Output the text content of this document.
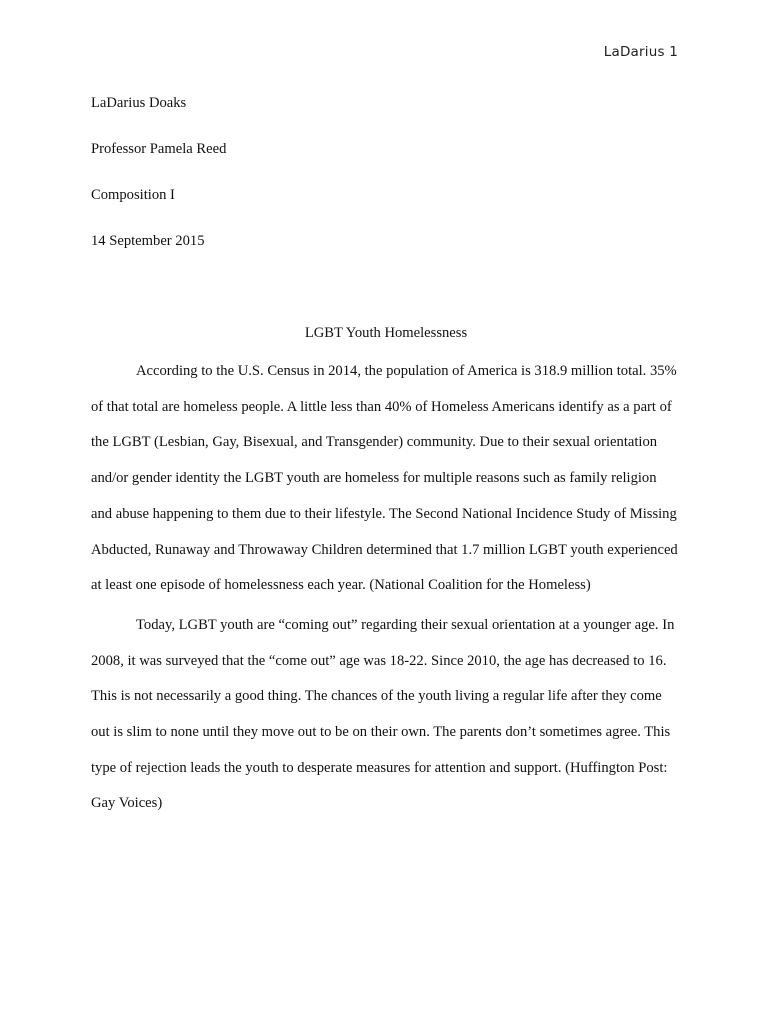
LaDarius 1
LaDarius Doaks
Professor Pamela Reed
Composition I
14 September 2015
LGBT Youth Homelessness

According to the U.S. Census in 2014, the population of America is 318.9 million total. 35% of that total are homeless people. A little less than 40% of Homeless Americans identify as a part of the LGBT (Lesbian, Gay, Bisexual, and Transgender) community. Due to their sexual orientation and/or gender identity the LGBT youth are homeless for multiple reasons such as family religion and abuse happening to them due to their lifestyle. The Second National Incidence Study of Missing Abducted, Runaway and Throwaway Children determined that 1.7 million LGBT youth experienced at least one episode of homelessness each year. (National Coalition for the Homeless)

Today, LGBT youth are “coming out” regarding their sexual orientation at a younger age. In 2008, it was surveyed that the “come out” age was 18-22. Since 2010, the age has decreased to 16. This is not necessarily a good thing. The chances of the youth living a regular life after they come out is slim to none until they move out to be on their own. The parents don’t sometimes agree. This type of rejection leads the youth to desperate measures for attention and support. (Huffington Post: Gay Voices)
